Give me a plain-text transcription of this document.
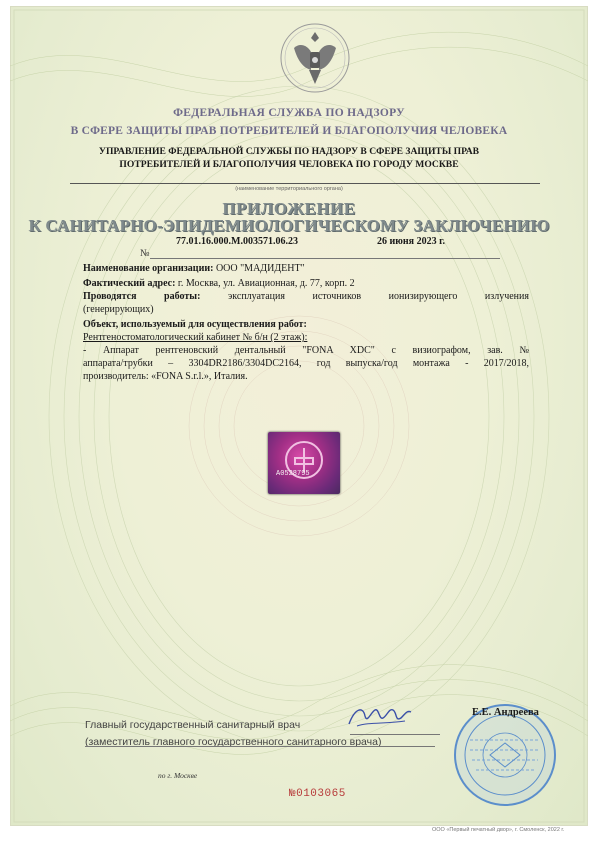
ФЕДЕРАЛЬНАЯ СЛУЖБА ПО НАДЗОРУ
В СФЕРЕ ЗАЩИТЫ ПРАВ ПОТРЕБИТЕЛЕЙ И БЛАГОПОЛУЧИЯ ЧЕЛОВЕКА
УПРАВЛЕНИЕ ФЕДЕРАЛЬНОЙ СЛУЖБЫ ПО НАДЗОРУ В СФЕРЕ ЗАЩИТЫ ПРАВ
ПОТРЕБИТЕЛЕЙ И БЛАГОПОЛУЧИЯ ЧЕЛОВЕКА ПО ГОРОДУ МОСКВЕ
(наименование территориального органа)
ПРИЛОЖЕНИЕ
К САНИТАРНО-ЭПИДЕМИОЛОГИЧЕСКОМУ ЗАКЛЮЧЕНИЮ
77.01.16.000.М.003571.06.23	26 июня 2023 г.
№
Наименование организации: ООО "МАДИДЕНТ"
Фактический адрес: г. Москва, ул. Авиационная, д. 77, корп. 2
Проводятся работы:	эксплуатация источников ионизирующего излучения
(генерирующих)
Объект, используемый для осуществления работ:
Рентгеностоматологический кабинет № б/н (2 этаж):
- Аппарат рентгеновский дентальный "FONA XDC" с визиографом, зав. №
аппарата/трубки – 3304DR2186/3304DC2164, год выпуска/год монтажа - 2017/2018,
производитель: «FONA S.r.l.», Италия.
A0528795
Главный государственный санитарный врач
(заместитель главного государственного санитарного врача)
Е.Е. Андреева
по г. Москве
№0103065
ООО «Первый печатный двор», г. Смоленск, 2022 г.
